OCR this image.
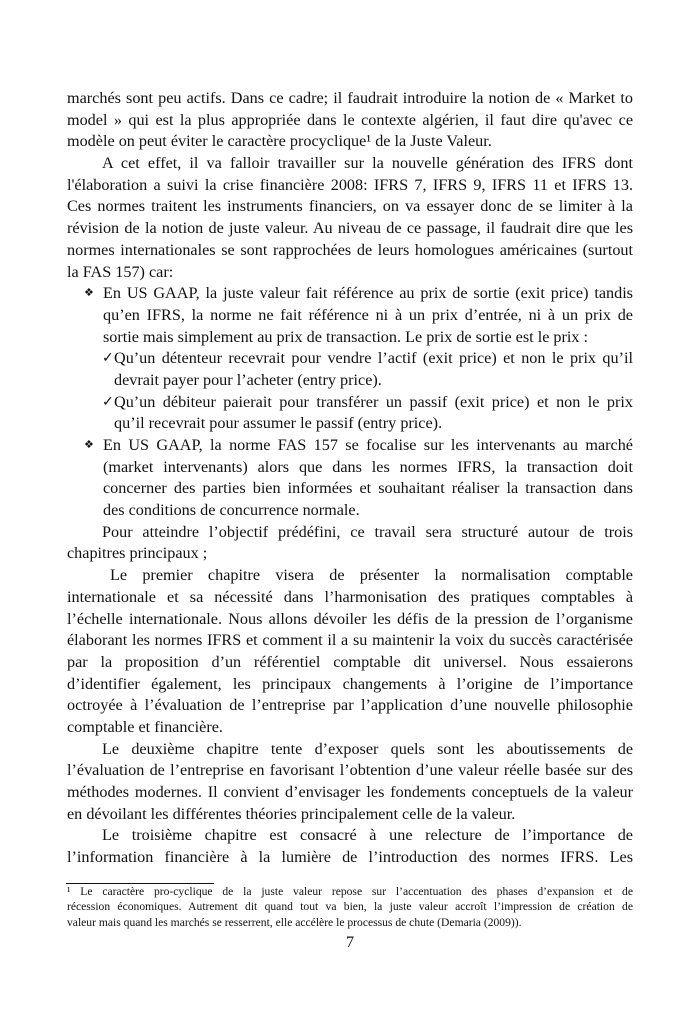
marchés sont peu actifs. Dans ce cadre; il faudrait introduire la notion de « Market to
model » qui est la plus appropriée dans le contexte algérien, il faut dire qu'avec ce
modèle on peut éviter le caractère procyclique¹ de la Juste Valeur.
A cet effet, il va falloir travailler sur la nouvelle génération des IFRS dont
l'élaboration a suivi la crise financière 2008: IFRS 7, IFRS 9, IFRS 11 et IFRS 13.
Ces normes traitent les instruments financiers, on va essayer donc de se limiter à la
révision de la notion de juste valeur. Au niveau de ce passage, il faudrait dire que les
normes internationales se sont rapprochées de leurs homologues américaines (surtout
la FAS 157) car:
❖ En US GAAP, la juste valeur fait référence au prix de sortie (exit price) tandis
qu’en IFRS, la norme ne fait référence ni à un prix d’entrée, ni à un prix de
sortie mais simplement au prix de transaction. Le prix de sortie est le prix :
✓ Qu’un détenteur recevrait pour vendre l’actif (exit price) et non le prix qu’il
devrait payer pour l’acheter (entry price).
✓ Qu’un débiteur paierait pour transférer un passif (exit price) et non le prix
qu’il recevrait pour assumer le passif (entry price).
❖ En US GAAP, la norme FAS 157 se focalise sur les intervenants au marché
(market intervenants) alors que dans les normes IFRS, la transaction doit
concerner des parties bien informées et souhaitant réaliser la transaction dans
des conditions de concurrence normale.
Pour atteindre l’objectif prédéfini, ce travail sera structuré autour de trois
chapitres principaux ;
Le premier chapitre visera de présenter la normalisation comptable
internationale et sa nécessité dans l’harmonisation des pratiques comptables à
l’échelle internationale. Nous allons dévoiler les défis de la pression de l’organisme
élaborant les normes IFRS et comment il a su maintenir la voix du succès caractérisée
par la proposition d’un référentiel comptable dit universel. Nous essaierons
d’identifier également, les principaux changements à l’origine de l’importance
octroyée à l’évaluation de l’entreprise par l’application d’une nouvelle philosophie
comptable et financière.
Le deuxième chapitre tente d’exposer quels sont les aboutissements de
l’évaluation de l’entreprise en favorisant l’obtention d’une valeur réelle basée sur des
méthodes modernes. Il convient d’envisager les fondements conceptuels de la valeur
en dévoilant les différentes théories principalement celle de la valeur.
Le troisième chapitre est consacré à une relecture de l’importance de
l’information financière à la lumière de l’introduction des normes IFRS. Les
¹ Le caractère pro-cyclique de la juste valeur repose sur l’accentuation des phases d’expansion et de
récession économiques. Autrement dit quand tout va bien, la juste valeur accroît l’impression de création de
valeur mais quand les marchés se resserrent, elle accélère le processus de chute (Demaria (2009)).
7
